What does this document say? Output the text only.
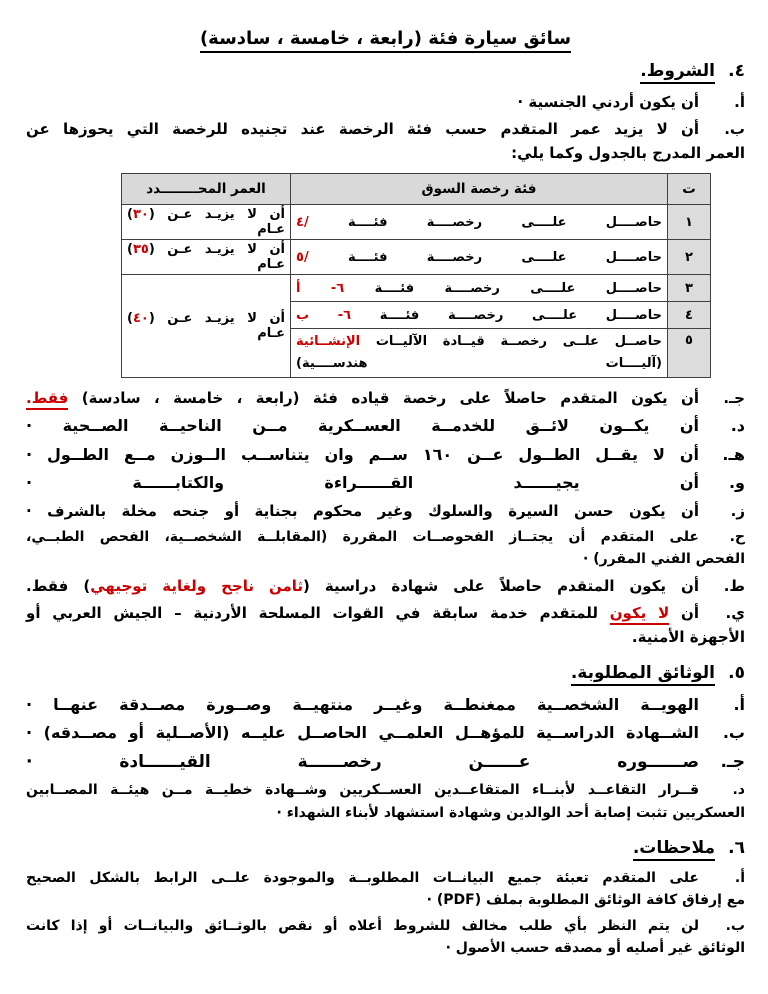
سائق سيارة فئة (رابعة ، خامسة ، سادسة)
٤.
الشروط.
أ.
أن يكون أردني الجنسية ·
ب.
أن لا يزيد عمر المتقدم حسب فئة الرخصة عند تجنيده للرخصة التي يحوزها عن
العمر المدرج بالجدول وكما يلي:
ت	فئة رخصة السوق	العمر المحــــــــدد
١	حاصــــل علــــى رخصــــة فئــــة /٤	أن لا يزيـد عـن (٣٠) عـام
٢	حاصــــل علــــى رخصــــة فئــــة /٥	أن لا يزيـد عـن (٣٥) عـام
٣	حاصــــل علــــى رخصــــة فئــــة ٦- أ	أن لا يزيـد عـن (٤٠) عـام
٤	حاصــــل علــــى رخصــــة فئــــة ٦- ب	
٥	حاصــل علــى رخصــة قيــادة الآليــات الإنشــائية
(آليــــات هندســــية)	
جـ.
أن يكون المتقدم حاصلاً على رخصة قياده فئة (رابعة ، خامسة ، سادسة) فقط.
د.
أن يكــون لائــق للخدمــة العســكرية مــن الناحيــة الصــحية ·
هـ.
أن لا يقــل الطــول عــن ١٦٠ ســم وان يتناســب الــوزن مــع الطــول ·
و.
أن يجيــــــد القــــــراءة والكتابــــــة ·
ز.
أن يكون حسن السيرة والسلوك وغير محكوم بجناية أو جنحه مخلة بالشرف ·
ح.
على المتقدم أن يجتــاز الفحوصــات المقررة (المقابلــة الشخصــية، الفحص الطبــي،
الفحص الفني المقرر) ·
ط.
أن يكون المتقدم حاصلاً على شهادة دراسية (ثامن ناجح ولغاية توجيهي) فقط.
ي.
أن لا يكون للمتقدم خدمة سابقة في القوات المسلحة الأردنية – الجيش العربي أو
الأجهزة الأمنية.
٥.
الوثائق المطلوبة.
أ.
الهويــة الشخصــية ممغنطــة وغيــر منتهيــة وصــورة مصــدقة عنهــا ·
ب.
الشــهادة الدراســية للمؤهــل العلمــي الحاصــل عليــه (الأصــلية أو مصــدقه) ·
جـ.
صــــــوره عــــــن رخصــــــة القيــــــادة ·
د.
قــرار التقاعــد لأبنــاء المتقاعــدين العســكريين وشــهادة خطيــة مــن هيئــة المصــابين
العسكريين تثبت إصابة أحد الوالدين وشهادة استشهاد لأبناء الشهداء ·
٦.
ملاحظات.
أ.
على المتقدم تعبئة جميع البيانــات المطلوبــة والموجودة علــى الرابط بالشكل الصحيح
مع إرفاق كافة الوثائق المطلوبة بملف (PDF) ·
ب.
لن يتم النظر بأي طلب مخالف للشروط أعلاه أو نقص بالوثــائق والبيانــات أو إذا كانت
الوثائق غير أصليه أو مصدقه حسب الأصول ·
